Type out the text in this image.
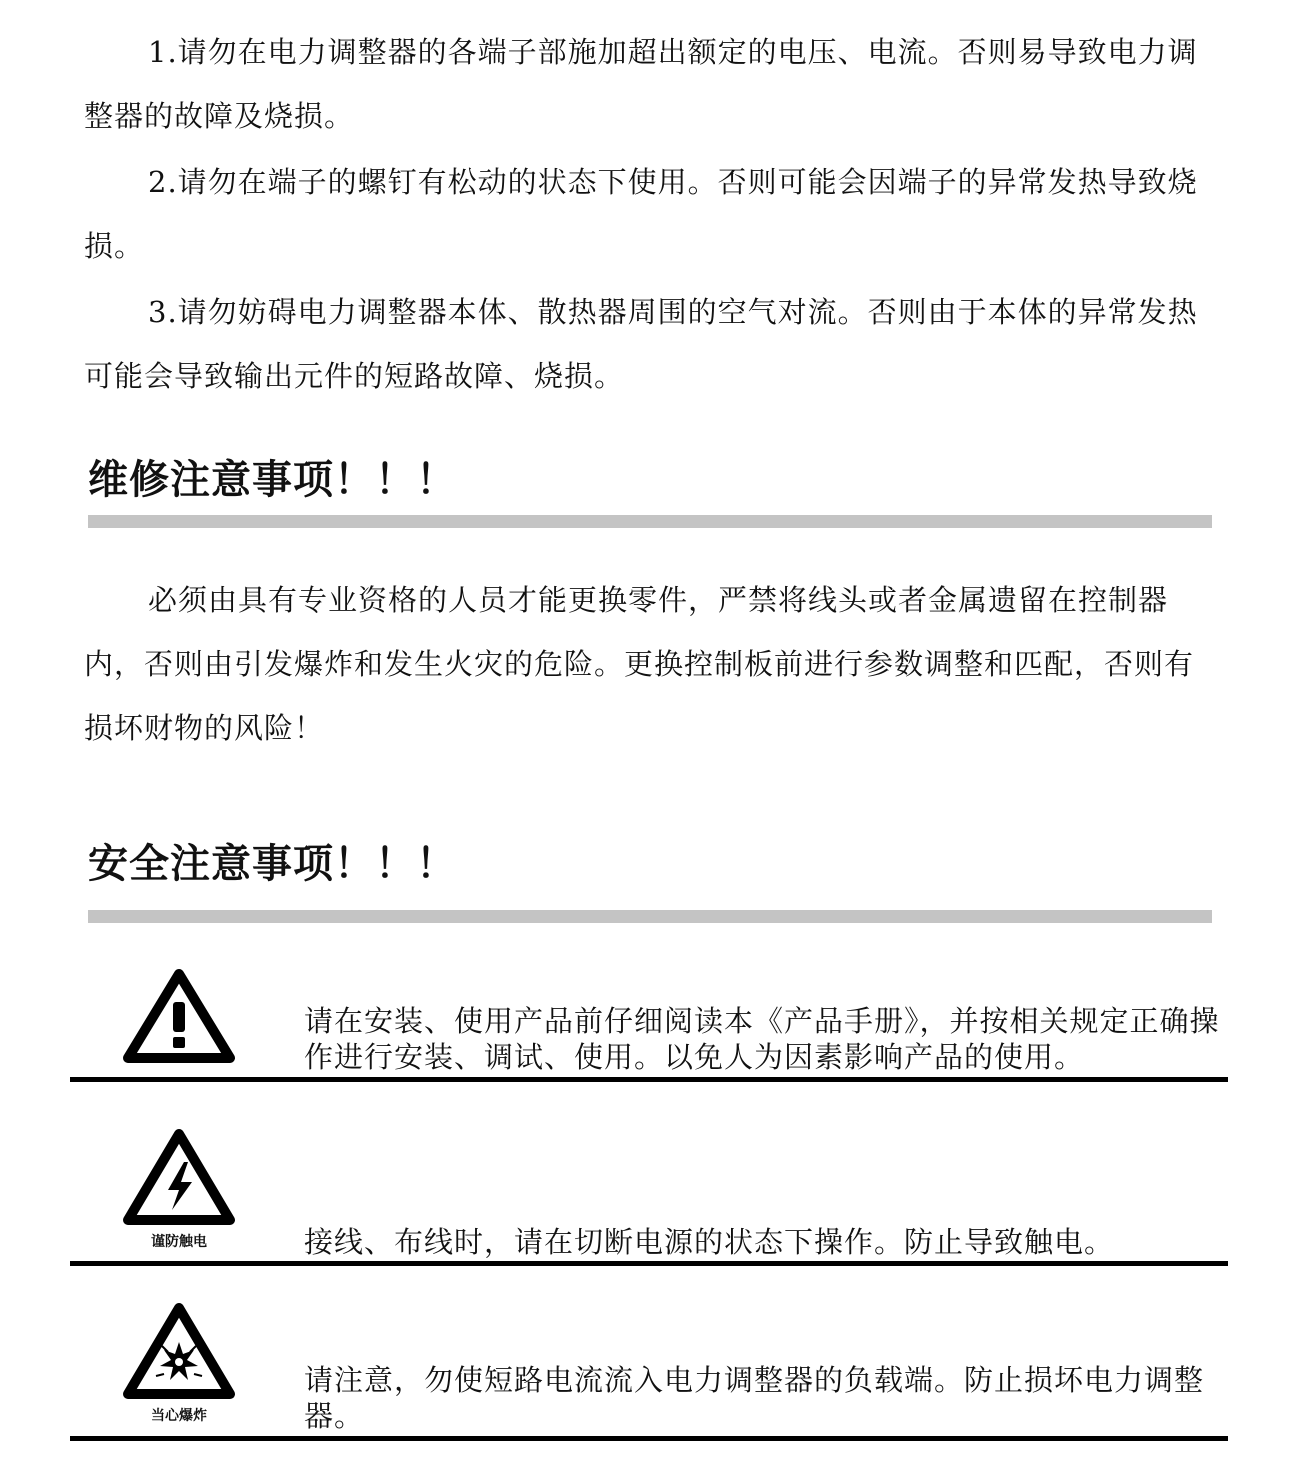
1.请勿在电力调整器的各端子部施加超出额定的电压、电流。否则易导致电力调整器的故障及烧损。

2.请勿在端子的螺钉有松动的状态下使用。否则可能会因端子的异常发热导致烧损。

3.请勿妨碍电力调整器本体、散热器周围的空气对流。否则由于本体的异常发热可能会导致输出元件的短路故障、烧损。

维修注意事项！！！

必须由具有专业资格的人员才能更换零件，严禁将线头或者金属遗留在控制器内，否则由引发爆炸和发生火灾的危险。更换控制板前进行参数调整和匹配，否则有损坏财物的风险！

安全注意事项！！！

请在安装、使用产品前仔细阅读本《产品手册》，并按相关规定正确操作进行安装、调试、使用。以免人为因素影响产品的使用。

谨防触电	接线、布线时，请在切断电源的状态下操作。防止导致触电。

当心爆炸

请注意，勿使短路电流流入电力调整器的负载端。防止损坏电力调整器。
